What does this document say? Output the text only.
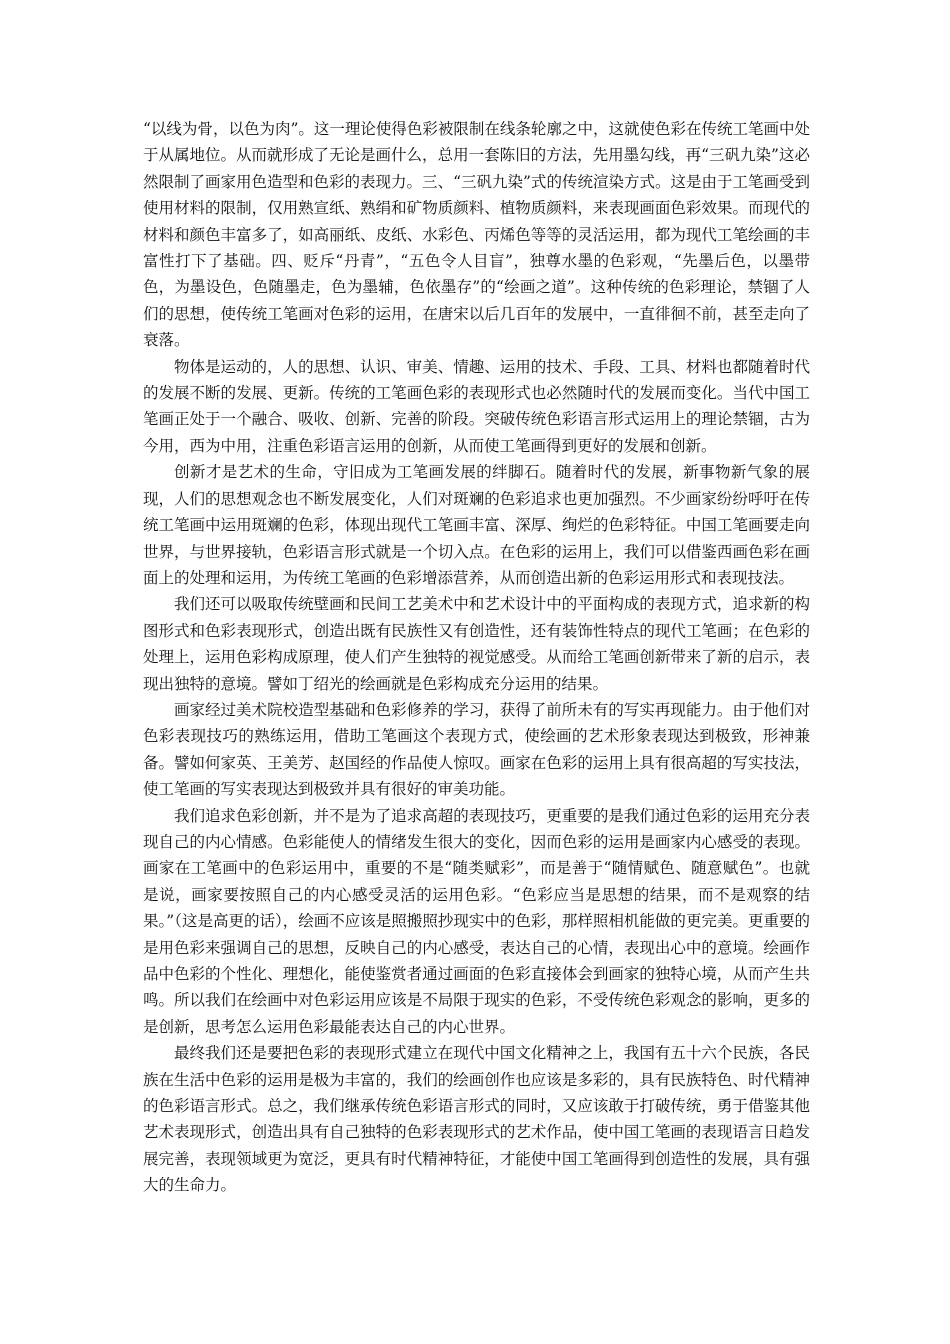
“以线为骨，以色为肉”。这一理论使得色彩被限制在线条轮廓之中，这就使色彩在传统工笔画中处于从属地位。从而就形成了无论是画什么，总用一套陈旧的方法，先用墨勾线，再“三矾九染”这必然限制了画家用色造型和色彩的表现力。三、“三矾九染”式的传统渲染方式。这是由于工笔画受到使用材料的限制，仅用熟宣纸、熟绢和矿物质颜料、植物质颜料，来表现画面色彩效果。而现代的材料和颜色丰富多了，如高丽纸、皮纸、水彩色、丙烯色等等的灵活运用，都为现代工笔绘画的丰富性打下了基础。四、贬斥“丹青”，“五色令人目盲”，独尊水墨的色彩观，“先墨后色，以墨带色，为墨设色，色随墨走，色为墨辅，色依墨存”的“绘画之道”。这种传统的色彩理论，禁锢了人们的思想，使传统工笔画对色彩的运用，在唐宋以后几百年的发展中，一直徘徊不前，甚至走向了衰落。

物体是运动的，人的思想、认识、审美、情趣、运用的技术、手段、工具、材料也都随着时代的发展不断的发展、更新。传统的工笔画色彩的表现形式也必然随时代的发展而变化。当代中国工笔画正处于一个融合、吸收、创新、完善的阶段。突破传统色彩语言形式运用上的理论禁锢，古为今用，西为中用，注重色彩语言运用的创新，从而使工笔画得到更好的发展和创新。

创新才是艺术的生命，守旧成为工笔画发展的绊脚石。随着时代的发展，新事物新气象的展现，人们的思想观念也不断发展变化，人们对斑斓的色彩追求也更加强烈。不少画家纷纷呼吁在传统工笔画中运用斑斓的色彩，体现出现代工笔画丰富、深厚、绚烂的色彩特征。中国工笔画要走向世界，与世界接轨，色彩语言形式就是一个切入点。在色彩的运用上，我们可以借鉴西画色彩在画面上的处理和运用，为传统工笔画的色彩增添营养，从而创造出新的色彩运用形式和表现技法。

我们还可以吸取传统壁画和民间工艺美术中和艺术设计中的平面构成的表现方式，追求新的构图形式和色彩表现形式，创造出既有民族性又有创造性，还有装饰性特点的现代工笔画；在色彩的处理上，运用色彩构成原理，使人们产生独特的视觉感受。从而给工笔画创新带来了新的启示，表现出独特的意境。譬如丁绍光的绘画就是色彩构成充分运用的结果。

画家经过美术院校造型基础和色彩修养的学习，获得了前所未有的写实再现能力。由于他们对色彩表现技巧的熟练运用，借助工笔画这个表现方式，使绘画的艺术形象表现达到极致，形神兼备。譬如何家英、王美芳、赵国经的作品使人惊叹。画家在色彩的运用上具有很高超的写实技法，使工笔画的写实表现达到极致并具有很好的审美功能。

我们追求色彩创新，并不是为了追求高超的表现技巧，更重要的是我们通过色彩的运用充分表现自己的内心情感。色彩能使人的情绪发生很大的变化，因而色彩的运用是画家内心感受的表现。画家在工笔画中的色彩运用中，重要的不是“随类赋彩”，而是善于“随情赋色、随意赋色”。也就是说，画家要按照自己的内心感受灵活的运用色彩。“色彩应当是思想的结果，而不是观察的结果。”（这是高更的话），绘画不应该是照搬照抄现实中的色彩，那样照相机能做的更完美。更重要的是用色彩来强调自己的思想，反映自己的内心感受，表达自己的心情，表现出心中的意境。绘画作品中色彩的个性化、理想化，能使鉴赏者通过画面的色彩直接体会到画家的独特心境，从而产生共鸣。所以我们在绘画中对色彩运用应该是不局限于现实的色彩，不受传统色彩观念的影响，更多的是创新，思考怎么运用色彩最能表达自己的内心世界。

最终我们还是要把色彩的表现形式建立在现代中国文化精神之上，我国有五十六个民族，各民族在生活中色彩的运用是极为丰富的，我们的绘画创作也应该是多彩的，具有民族特色、时代精神的色彩语言形式。总之，我们继承传统色彩语言形式的同时，又应该敢于打破传统，勇于借鉴其他艺术表现形式，创造出具有自己独特的色彩表现形式的艺术作品，使中国工笔画的表现语言日趋发展完善，表现领域更为宽泛，更具有时代精神特征，才能使中国工笔画得到创造性的发展，具有强大的生命力。
